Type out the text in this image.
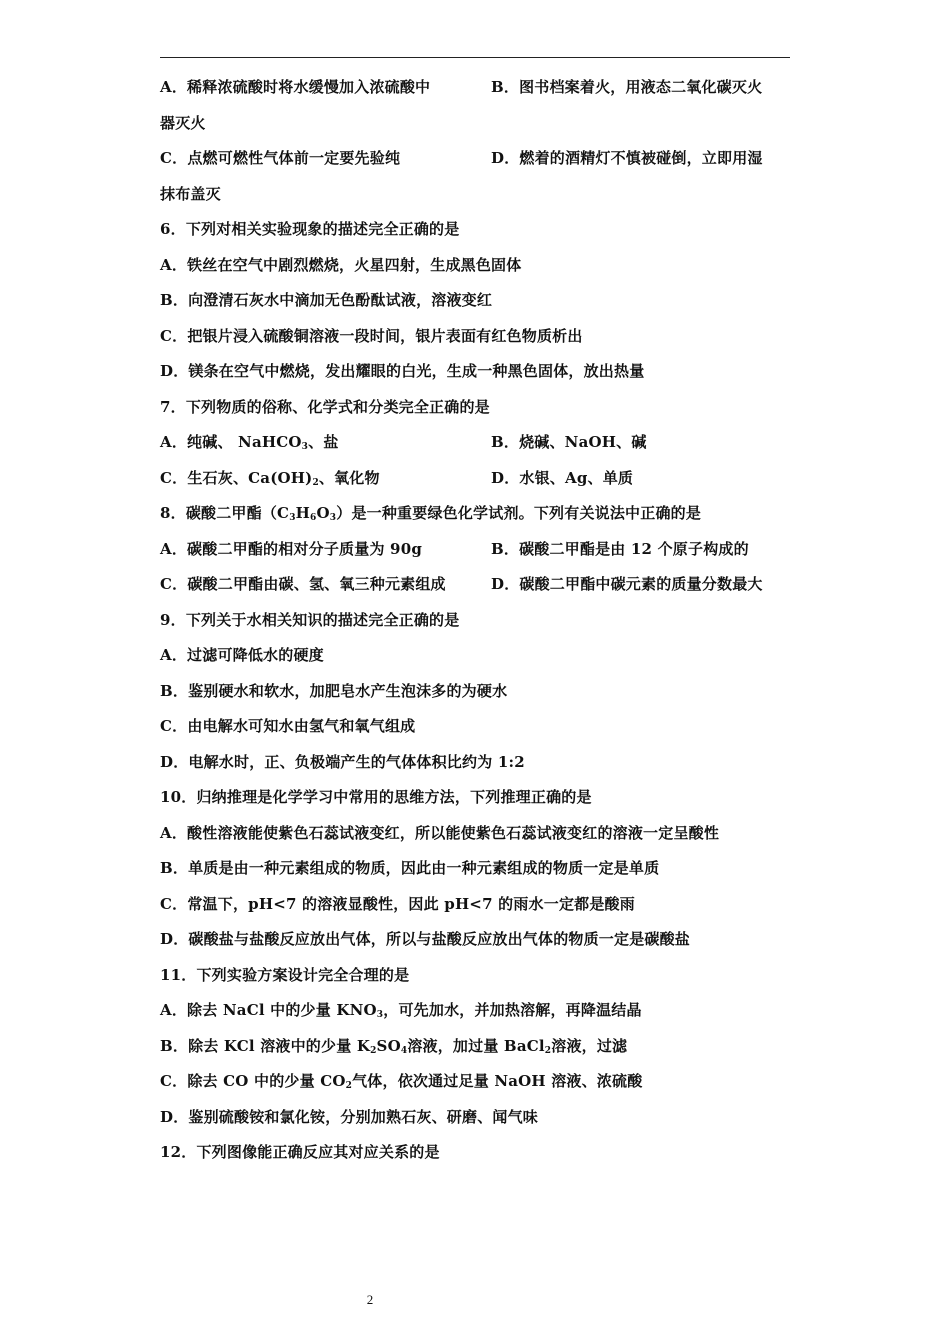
A．稀释浓硫酸时将水缓慢加入浓硫酸中	B．图书档案着火，用液态二氧化碳灭火
器灭火
C．点燃可燃性气体前一定要先验纯	D．燃着的酒精灯不慎被碰倒，立即用湿
抹布盖灭
6．下列对相关实验现象的描述完全正确的是
A．铁丝在空气中剧烈燃烧，火星四射，生成黑色固体
B．向澄清石灰水中滴加无色酚酞试液，溶液变红
C．把银片浸入硫酸铜溶液一段时间，银片表面有红色物质析出
D．镁条在空气中燃烧，发出耀眼的白光，生成一种黑色固体，放出热量
7．下列物质的俗称、化学式和分类完全正确的是
A．纯碱、 NaHCO$_3$、盐	B．烧碱、NaOH、碱
C．生石灰、$Ca(OH)_2$、氧化物	D．水银、Ag、单质
8．碳酸二甲酯$(C_3H_6O_3)$是一种重要绿色化学试剂。下列有关说法中正确的是
A．碳酸二甲酯的相对分子质量为 90g	B．碳酸二甲酯是由 12 个原子构成的
C．碳酸二甲酯由碳、氢、氧三种元素组成	D．碳酸二甲酯中碳元素的质量分数最大
9．下列关于水相关知识的描述完全正确的是
A．过滤可降低水的硬度
B．鉴别硬水和软水，加肥皂水产生泡沫多的为硬水
C．由电解水可知水由氢气和氧气组成
D．电解水时，正、负极端产生的气体体积比约为 1:2
10．归纳推理是化学学习中常用的思维方法，下列推理正确的是
A．酸性溶液能使紫色石蕊试液变红，所以能使紫色石蕊试液变红的溶液一定呈酸性
B．单质是由一种元素组成的物质，因此由一种元素组成的物质一定是单质
C．常温下，pH<7 的溶液显酸性，因此 pH<7 的雨水一定都是酸雨
D．碳酸盐与盐酸反应放出气体，所以与盐酸反应放出气体的物质一定是碳酸盐
11．下列实验方案设计完全合理的是
A．除去 NaCl 中的少量 $KNO_3$，可先加水，并加热溶解，再降温结晶
B．除去 KCl 溶液中的少量 $K_2SO_4$溶液，加过量 BaCl$_2$溶液，过滤
C．除去 CO 中的少量 $CO_2$气体，依次通过足量 NaOH 溶液、浓硫酸
D．鉴别硫酸铵和氯化铵，分别加熟石灰、研磨、闻气味
12．下列图像能正确反应其对应关系的是
2
